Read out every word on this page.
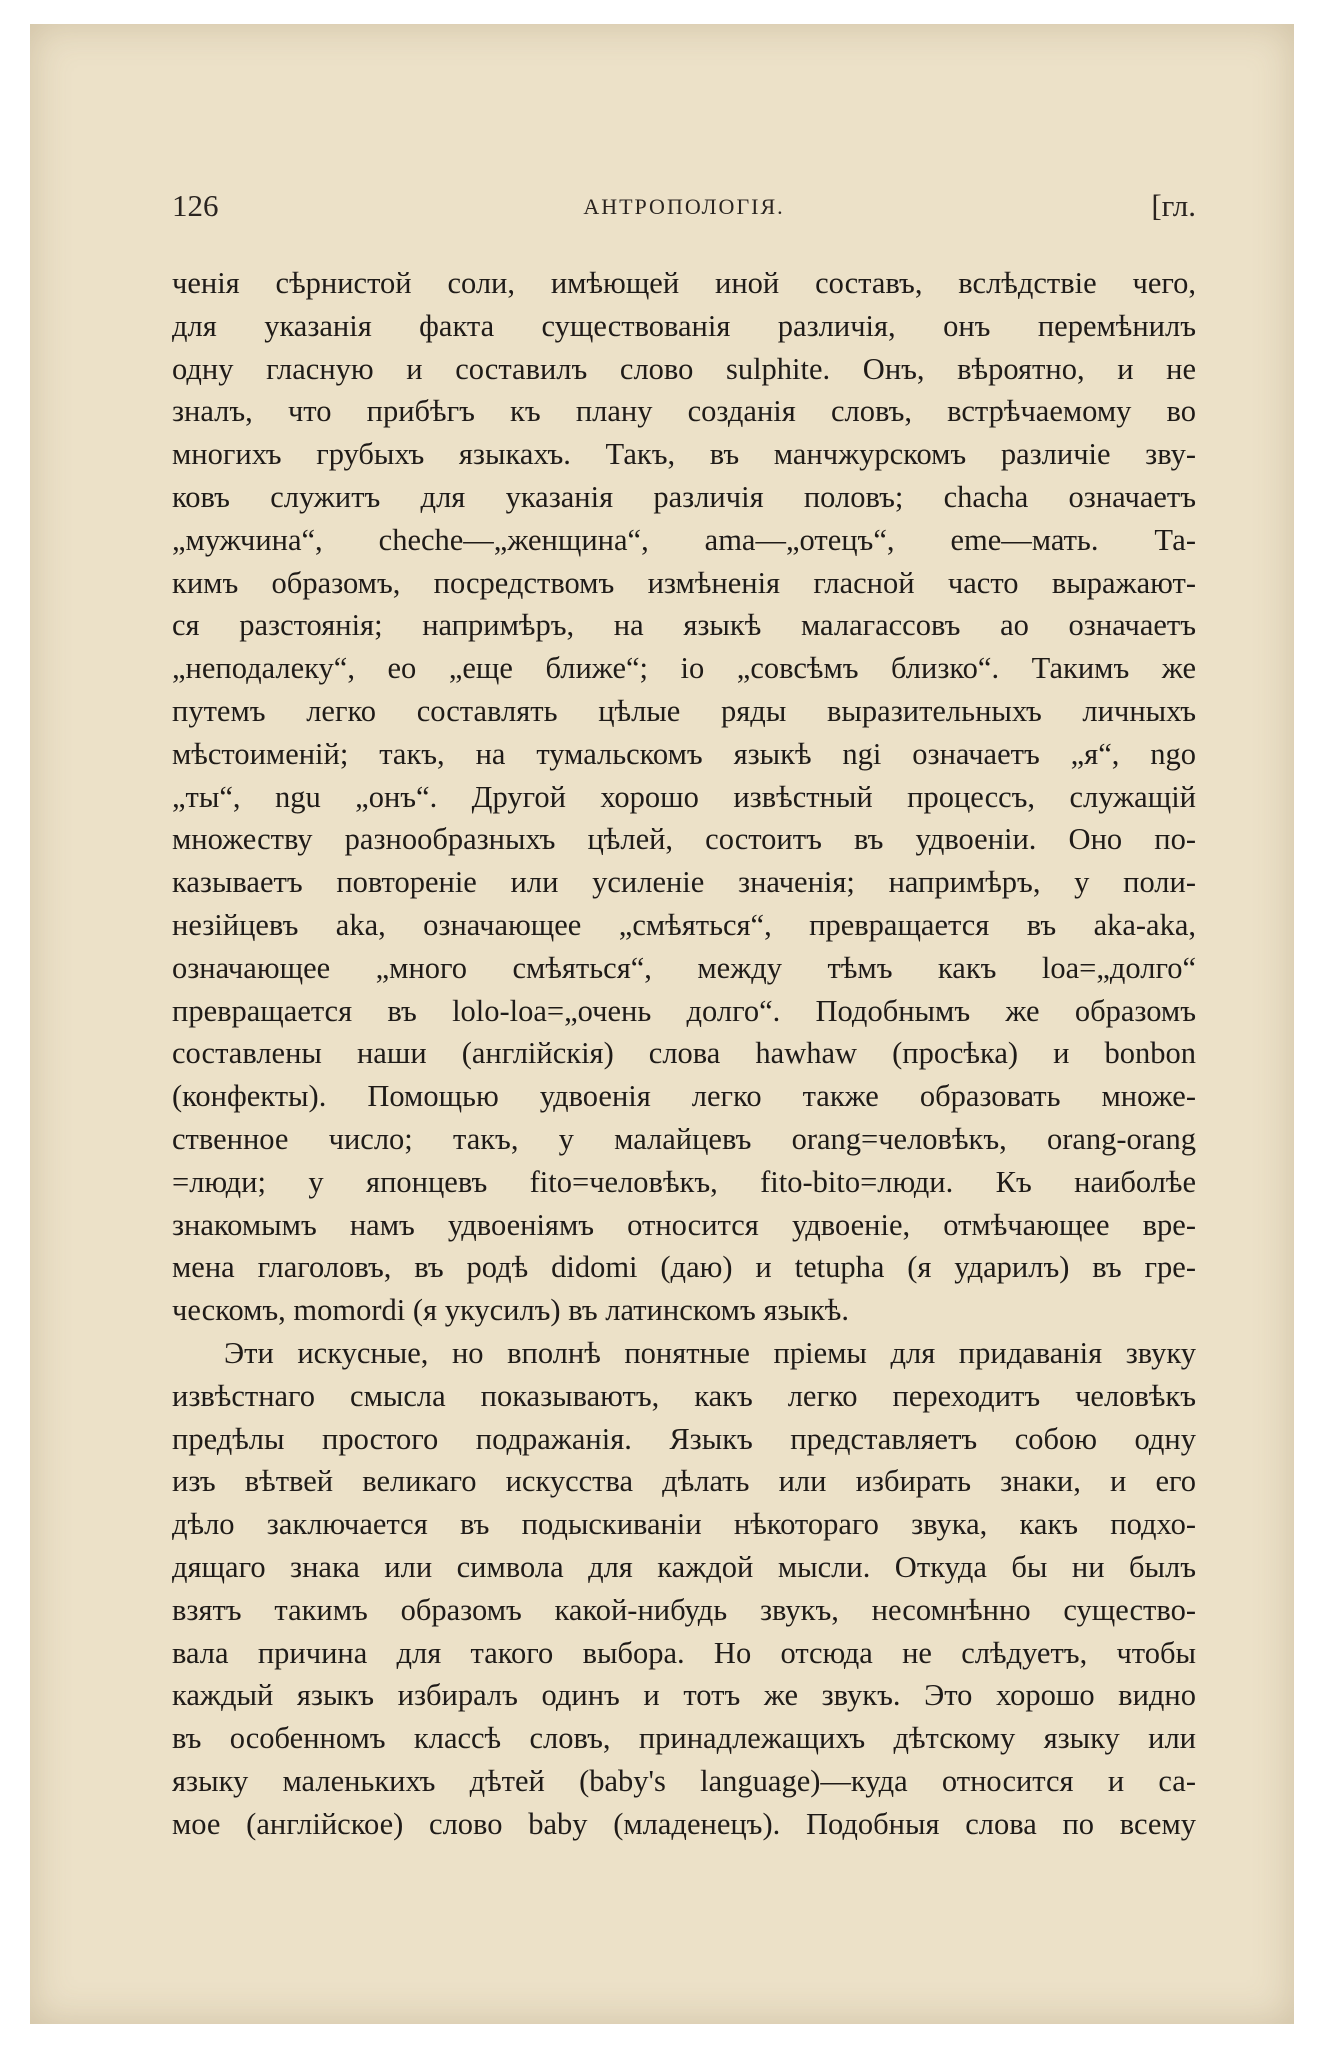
126	АНТРОПОЛОГІЯ.	[гл.
ченія сѣрнистой соли, имѣющей иной составъ, вслѣдствіе чего,
для указанія факта существованія различія, онъ перемѣнилъ
одну гласную и составилъ слово sulphite. Онъ, вѣроятно, и не
зналъ, что прибѣгъ къ плану созданія словъ, встрѣчаемому во
многихъ грубыхъ языкахъ. Такъ, въ манчжурскомъ различіе зву-
ковъ служитъ для указанія различія половъ; chacha означаетъ
„мужчина“, cheche—„женщина“, ama—„отецъ“, eme—мать. Та-
кимъ образомъ, посредствомъ измѣненія гласной часто выражают-
ся разстоянія; напримѣръ, на языкѣ малагассовъ ao означаетъ
„неподалеку“, eo „еще ближе“; io „совсѣмъ близко“. Такимъ же
путемъ легко составлять цѣлые ряды выразительныхъ личныхъ
мѣстоименій; такъ, на тумальскомъ языкѣ ngi означаетъ „я“, ngo
„ты“, ngu „онъ“. Другой хорошо извѣстный процессъ, служащій
множеству разнообразныхъ цѣлей, состоитъ въ удвоеніи. Оно по-
казываетъ повтореніе или усиленіе значенія; напримѣръ, у поли-
незійцевъ aka, означающее „смѣяться“, превращается въ aka-aka,
означающее „много смѣяться“, между тѣмъ какъ loa=„долго“
превращается въ lolo-loa=„очень долго“. Подобнымъ же образомъ
составлены наши (англійскія) слова hawhaw (просѣка) и bonbon
(конфекты). Помощью удвоенія легко также образовать множе-
ственное число; такъ, у малайцевъ orang=человѣкъ, orang-orang
=люди; у японцевъ fito=человѣкъ, fito-bito=люди. Къ наиболѣе
знакомымъ намъ удвоеніямъ относится удвоеніе, отмѣчающее вре-
мена глаголовъ, въ родѣ didomi (даю) и tetupha (я ударилъ) въ гре-
ческомъ, momordi (я укусилъ) въ латинскомъ языкѣ.
Эти искусные, но вполнѣ понятные пріемы для придаванія звуку
извѣстнаго смысла показываютъ, какъ легко переходитъ человѣкъ
предѣлы простого подражанія. Языкъ представляетъ собою одну
изъ вѣтвей великаго искусства дѣлать или избирать знаки, и его
дѣло заключается въ подыскиваніи нѣкотораго звука, какъ подхо-
дящаго знака или символа для каждой мысли. Откуда бы ни былъ
взятъ такимъ образомъ какой-нибудь звукъ, несомнѣнно существо-
вала причина для такого выбора. Но отсюда не слѣдуетъ, чтобы
каждый языкъ избиралъ одинъ и тотъ же звукъ. Это хорошо видно
въ особенномъ классѣ словъ, принадлежащихъ дѣтскому языку или
языку маленькихъ дѣтей (baby's language)—куда относится и са-
мое (англійское) слово baby (младенецъ). Подобныя слова по всему
